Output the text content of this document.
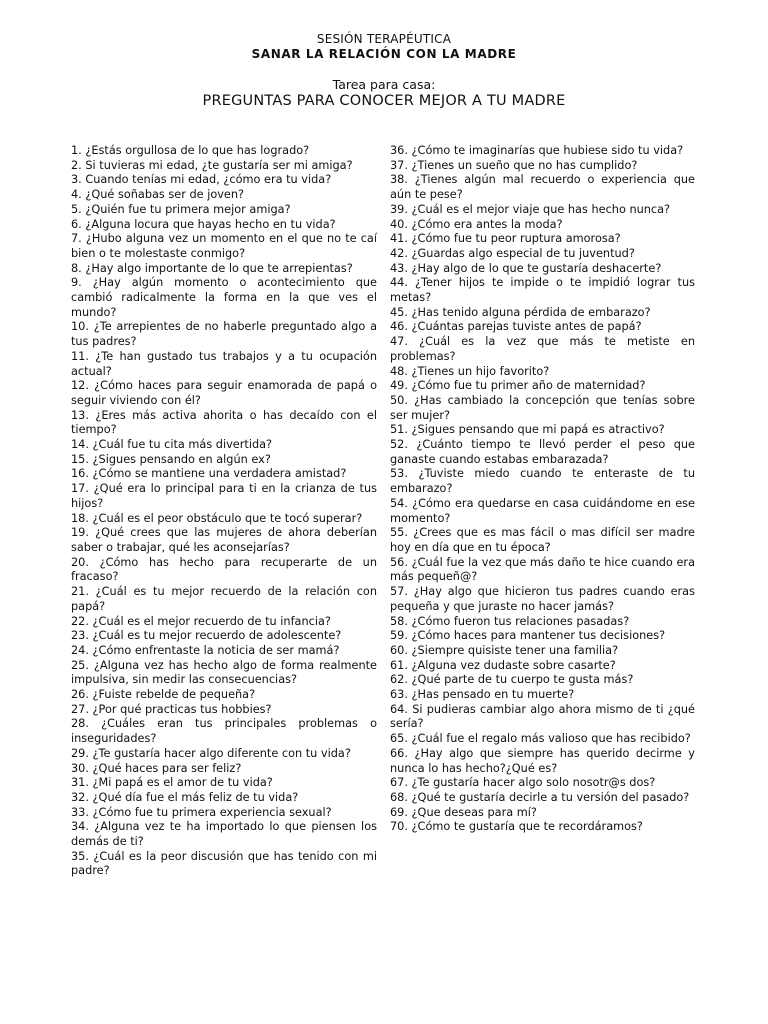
SESIÓN TERAPÉUTICA
SANAR LA RELACIÓN CON LA MADRE
Tarea para casa:
PREGUNTAS PARA CONOCER MEJOR A TU MADRE
1. ¿Estás orgullosa de lo que has logrado?
2. Si tuvieras mi edad, ¿te gustaría ser mi amiga?
3. Cuando tenías mi edad, ¿cómo era tu vida?
4. ¿Qué soñabas ser de joven?
5. ¿Quién fue tu primera mejor amiga?
6. ¿Alguna locura que hayas hecho en tu vida?
7. ¿Hubo alguna vez un momento en el que no te caí bien o te molestaste conmigo?
8. ¿Hay algo importante de lo que te arrepientas?
9. ¿Hay algún momento o acontecimiento que cambió radicalmente la forma en la que ves el mundo?
10. ¿Te arrepientes de no haberle preguntado algo a tus padres?
11. ¿Te han gustado tus trabajos y a tu ocupación actual?
12. ¿Cómo haces para seguir enamorada de papá o seguir viviendo con él?
13. ¿Eres más activa ahorita o has decaído con el tiempo?
14. ¿Cuál fue tu cita más divertida?
15. ¿Sigues pensando en algún ex?
16. ¿Cómo se mantiene una verdadera amistad?
17. ¿Qué era lo principal para ti en la crianza de tus hijos?
18. ¿Cuál es el peor obstáculo que te tocó superar?
19. ¿Qué crees que las mujeres de ahora deberían saber o trabajar, qué les aconsejarías?
20. ¿Cómo has hecho para recuperarte de un fracaso?
21. ¿Cuál es tu mejor recuerdo de la relación con papá?
22. ¿Cuál es el mejor recuerdo de tu infancia?
23. ¿Cuál es tu mejor recuerdo de adolescente?
24. ¿Cómo enfrentaste la noticia de ser mamá?
25. ¿Alguna vez has hecho algo de forma realmente impulsiva, sin medir las consecuencias?
26. ¿Fuiste rebelde de pequeña?
27. ¿Por qué practicas tus hobbies?
28. ¿Cuáles eran tus principales problemas o inseguridades?
29. ¿Te gustaría hacer algo diferente con tu vida?
30. ¿Qué haces para ser feliz?
31. ¿Mi papá es el amor de tu vida?
32. ¿Qué día fue el más feliz de tu vida?
33. ¿Cómo fue tu primera experiencia sexual?
34. ¿Alguna vez te ha importado lo que piensen los demás de ti?
35. ¿Cuál es la peor discusión que has tenido con mi padre?
36. ¿Cómo te imaginarías que hubiese sido tu vida?
37. ¿Tienes un sueño que no has cumplido?
38. ¿Tienes algún mal recuerdo o experiencia que aún te pese?
39. ¿Cuál es el mejor viaje que has hecho nunca?
40. ¿Cómo era antes la moda?
41. ¿Cómo fue tu peor ruptura amorosa?
42. ¿Guardas algo especial de tu juventud?
43. ¿Hay algo de lo que te gustaría deshacerte?
44. ¿Tener hijos te impide o te impidió lograr tus metas?
45. ¿Has tenido alguna pérdida de embarazo?
46. ¿Cuántas parejas tuviste antes de papá?
47. ¿Cuál es la vez que más te metiste en problemas?
48. ¿Tienes un hijo favorito?
49. ¿Cómo fue tu primer año de maternidad?
50. ¿Has cambiado la concepción que tenías sobre ser mujer?
51. ¿Sigues pensando que mi papá es atractivo?
52. ¿Cuánto tiempo te llevó perder el peso que ganaste cuando estabas embarazada?
53. ¿Tuviste miedo cuando te enteraste de tu embarazo?
54. ¿Cómo era quedarse en casa cuidándome en ese momento?
55. ¿Crees que es mas fácil o mas difícil ser madre hoy en día que en tu época?
56. ¿Cuál fue la vez que más daño te hice cuando era más pequeñ@?
57. ¿Hay algo que hicieron tus padres cuando eras pequeña y que juraste no hacer jamás?
58. ¿Cómo fueron tus relaciones pasadas?
59. ¿Cómo haces para mantener tus decisiones?
60. ¿Siempre quisiste tener una familia?
61. ¿Alguna vez dudaste sobre casarte?
62. ¿Qué parte de tu cuerpo te gusta más?
63. ¿Has pensado en tu muerte?
64. Si pudieras cambiar algo ahora mismo de ti ¿qué sería?
65. ¿Cuál fue el regalo más valioso que has recibido?
66. ¿Hay algo que siempre has querido decirme y nunca lo has hecho?¿Qué es?
67. ¿Te gustaría hacer algo solo nosotr@s dos?
68. ¿Qué te gustaría decirle a tu versión del pasado?
69. ¿Que deseas para mí?
70. ¿Cómo te gustaría que te recordáramos?
